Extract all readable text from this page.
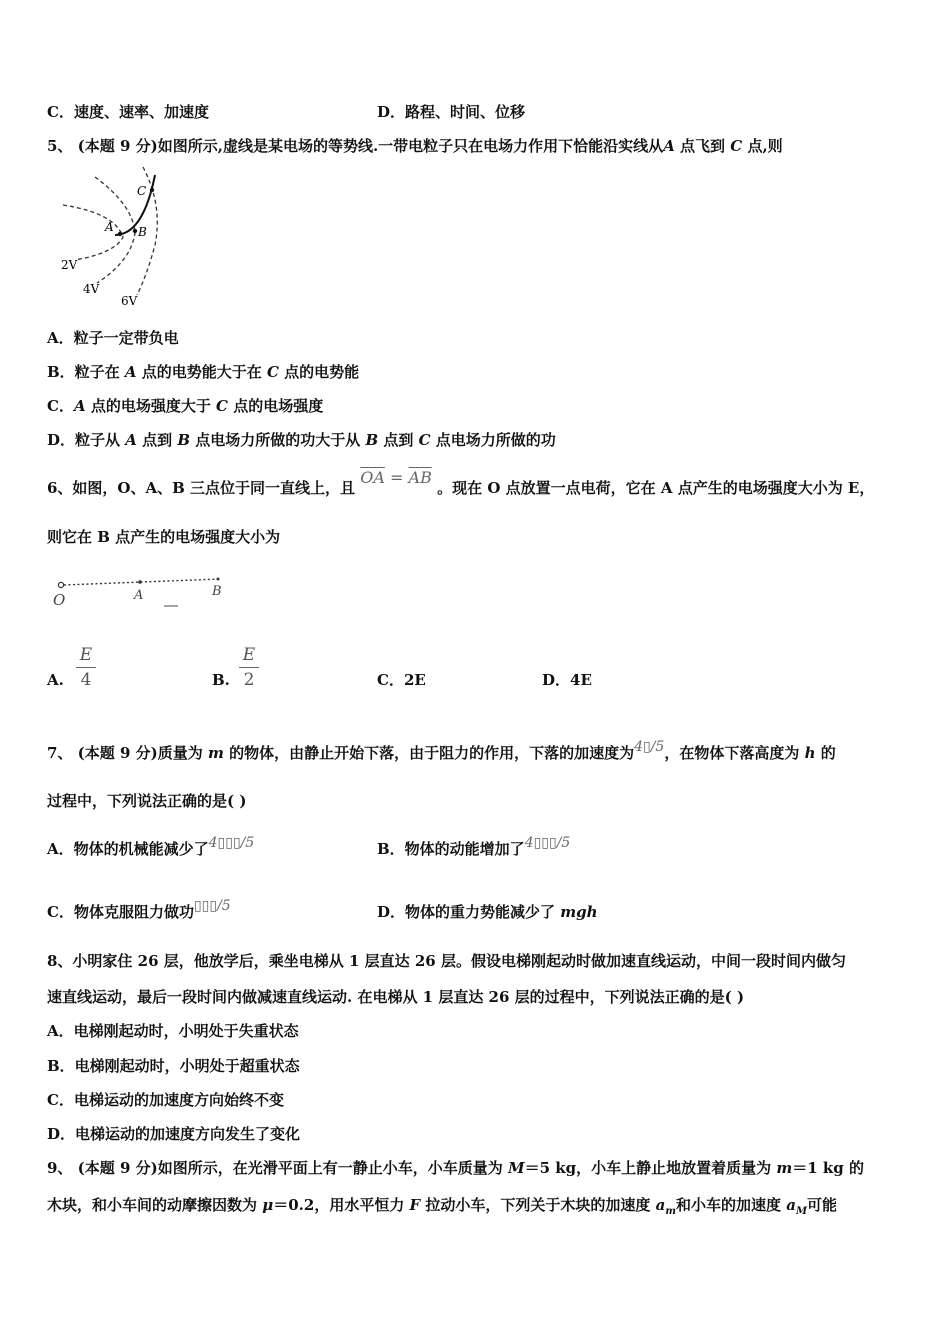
C．速度、速率、加速度	D．路程、时间、位移
5、 (本题 9 分)如图所示,虚线是某电场的等势线.一带电粒子只在电场力作用下恰能沿实线从A 点飞到 C 点,则
A B
C
2V
4V
6V
A．粒子一定带负电
B．粒子在 A 点的电势能大于在 C 点的电势能
C．A 点的电场强度大于 C 点的电场强度
D．粒子从 A 点到 B 点电场力所做的功大于从 B 点到 C 点电场力所做的功
6、如图，O、A、B 三点位于同一直线上，且 $\overline{OA} = \overline{AB}$ 。现在 O 点放置一点电荷，它在 A 点产生的电场强度大小为 E，
则它在 B 点产生的电场强度大小为
O	A	B
A.
E
4	B.
E
2	C．2E	D．4E
7、 (本题 9 分)质量为 m 的物体，由静止开始下落，由于阻力的作用，下落的加速度为4▯/5，在物体下落高度为 h 的
过程中，下列说法正确的是( )
A．物体的机械能减少了4▯▯▯/5	B．物体的动能增加了4▯▯▯/5
C．物体克服阻力做功▯▯▯/5	D．物体的重力势能减少了 mgh
8、小明家住 26 层，他放学后，乘坐电梯从 1 层直达 26 层。假设电梯刚起动时做加速直线运动，中间一段时间内做匀
速直线运动，最后一段时间内做减速直线运动. 在电梯从 1 层直达 26 层的过程中，下列说法正确的是( )
A．电梯刚起动时，小明处于失重状态
B．电梯刚起动时，小明处于超重状态
C．电梯运动的加速度方向始终不变
D．电梯运动的加速度方向发生了变化
9、 (本题 9 分)如图所示，在光滑平面上有一静止小车，小车质量为 M＝5 kg，小车上静止地放置着质量为 m＝1 kg 的
木块，和小车间的动摩擦因数为 μ＝0.2，用水平恒力 F 拉动小车，下列关于木块的加速度 $a_m$和小车的加速度 $a_M$可能
